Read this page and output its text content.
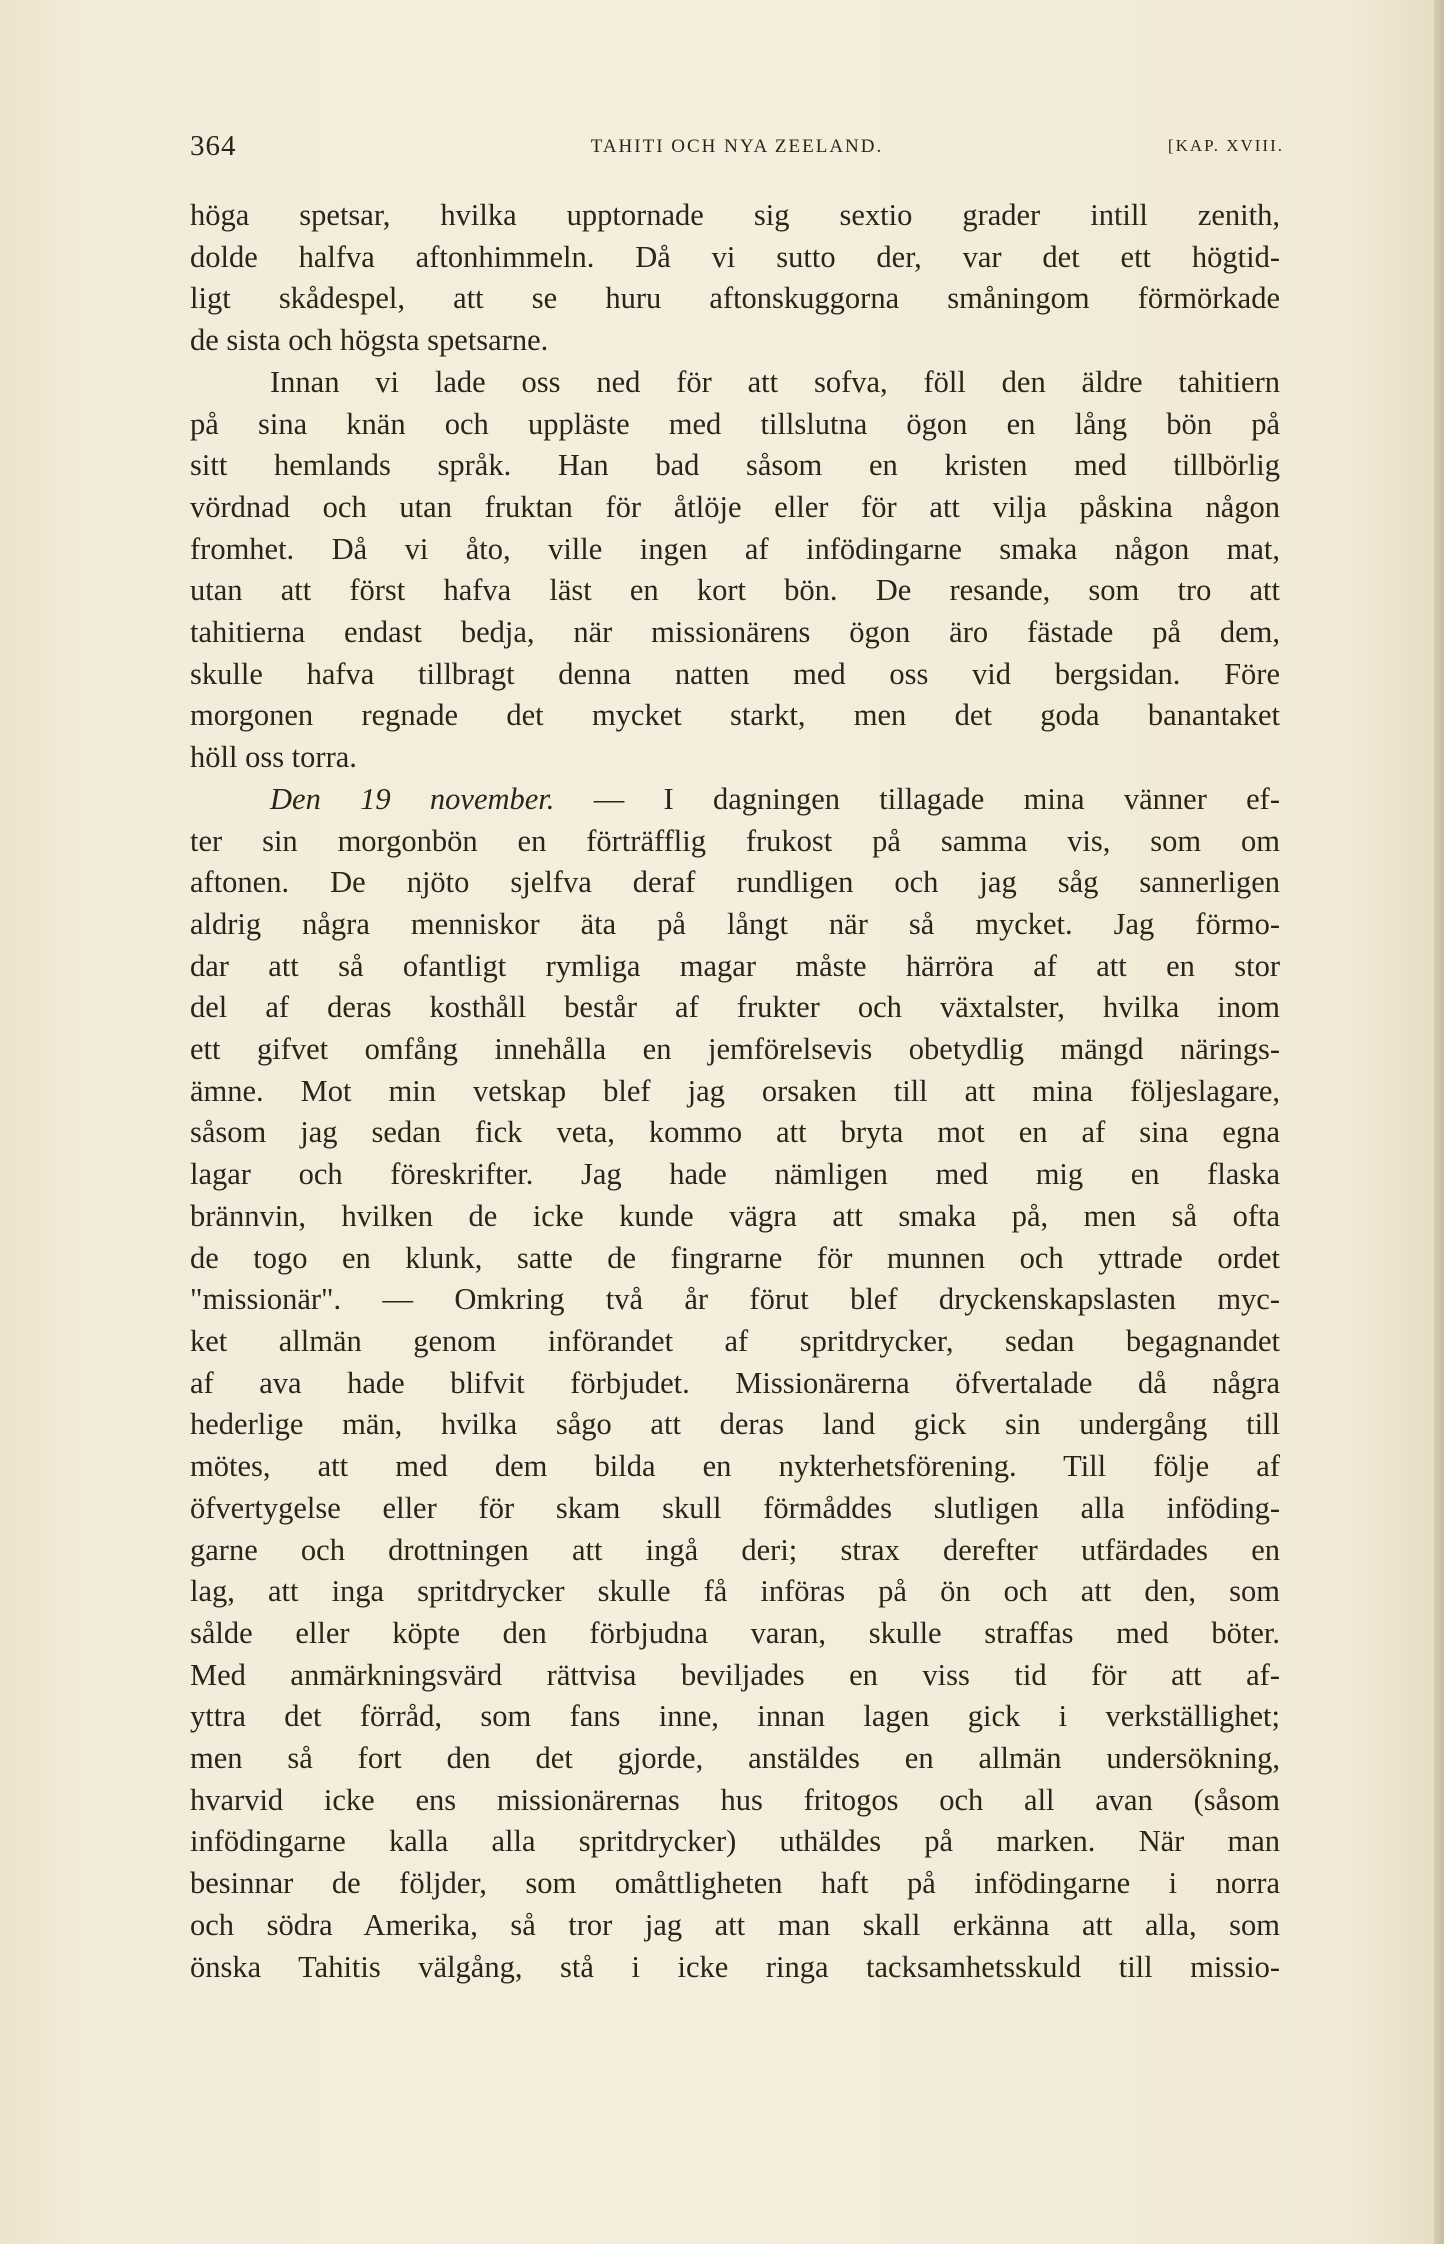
364	TAHITI OCH NYA ZEELAND.	[KAP. XVIII.
höga spetsar, hvilka upptornade sig sextio grader intill zenith,
dolde halfva aftonhimmeln. Då vi sutto der, var det ett högtid-
ligt skådespel, att se huru aftonskuggorna småningom förmörkade
de sista och högsta spetsarne.
Innan vi lade oss ned för att sofva, föll den äldre tahitiern
på sina knän och uppläste med tillslutna ögon en lång bön på
sitt hemlands språk. Han bad såsom en kristen med tillbörlig
vördnad och utan fruktan för åtlöje eller för att vilja påskina någon
fromhet. Då vi åto, ville ingen af infödingarne smaka någon mat,
utan att först hafva läst en kort bön. De resande, som tro att
tahitierna endast bedja, när missionärens ögon äro fästade på dem,
skulle hafva tillbragt denna natten med oss vid bergsidan. Före
morgonen regnade det mycket starkt, men det goda banantaket
höll oss torra.
Den 19 november. — I dagningen tillagade mina vänner ef-
ter sin morgonbön en förträfflig frukost på samma vis, som om
aftonen. De njöto sjelfva deraf rundligen och jag såg sannerligen
aldrig några menniskor äta på långt när så mycket. Jag förmo-
dar att så ofantligt rymliga magar måste härröra af att en stor
del af deras kosthåll består af frukter och växtalster, hvilka inom
ett gifvet omfång innehålla en jemförelsevis obetydlig mängd närings-
ämne. Mot min vetskap blef jag orsaken till att mina följeslagare,
såsom jag sedan fick veta, kommo att bryta mot en af sina egna
lagar och föreskrifter. Jag hade nämligen med mig en flaska
brännvin, hvilken de icke kunde vägra att smaka på, men så ofta
de togo en klunk, satte de fingrarne för munnen och yttrade ordet
"missionär". — Omkring två år förut blef dryckenskapslasten myc-
ket allmän genom införandet af spritdrycker, sedan begagnandet
af ava hade blifvit förbjudet. Missionärerna öfvertalade då några
hederlige män, hvilka sågo att deras land gick sin undergång till
mötes, att med dem bilda en nykterhetsförening. Till följe af
öfvertygelse eller för skam skull förmåddes slutligen alla inföding-
garne och drottningen att ingå deri; strax derefter utfärdades en
lag, att inga spritdrycker skulle få införas på ön och att den, som
sålde eller köpte den förbjudna varan, skulle straffas med böter.
Med anmärkningsvärd rättvisa beviljades en viss tid för att af-
yttra det förråd, som fans inne, innan lagen gick i verkställighet;
men så fort den det gjorde, anstäldes en allmän undersökning,
hvarvid icke ens missionärernas hus fritogos och all avan (såsom
infödingarne kalla alla spritdrycker) uthäldes på marken. När man
besinnar de följder, som omåttligheten haft på infödingarne i norra
och södra Amerika, så tror jag att man skall erkänna att alla, som
önska Tahitis välgång, stå i icke ringa tacksamhetsskuld till missio-
